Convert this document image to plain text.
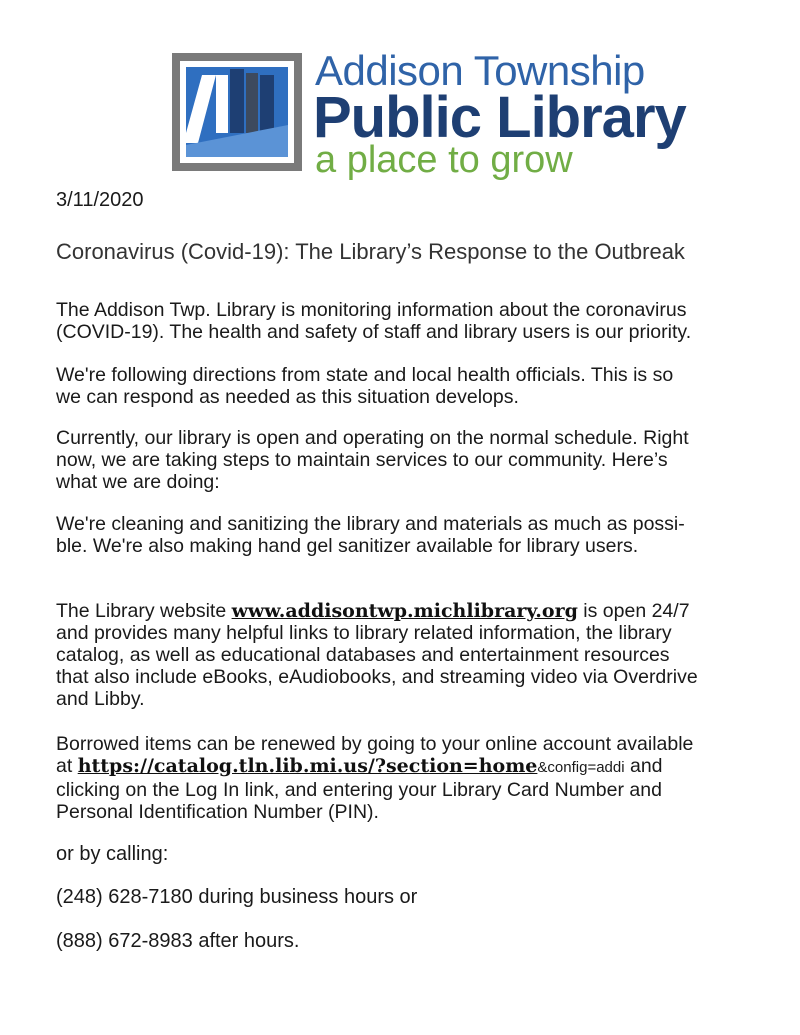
Addison Township
Public Library
a place to grow
3/11/2020
Coronavirus (Covid-19): The Library’s Response to the Outbreak
The Addison Twp. Library is monitoring information about the coronavirus
(COVID-19). The health and safety of staff and library users is our priority.
We're following directions from state and local health officials. This is so
we can respond as needed as this situation develops.
Currently, our library is open and operating on the normal schedule. Right
now, we are taking steps to maintain services to our community. Here’s
what we are doing:
We're cleaning and sanitizing the library and materials as much as possi-
ble. We're also making hand gel sanitizer available for library users.
The Library website www.addisontwp.michlibrary.org is open 24/7
and provides many helpful links to library related information, the library
catalog, as well as educational databases and entertainment resources
that also include eBooks, eAudiobooks, and streaming video via Overdrive
and Libby.
Borrowed items can be renewed by going to your online account available
at https://catalog.tln.lib.mi.us/?section=home&config=addi and
clicking on the Log In link, and entering your Library Card Number and
Personal Identification Number (PIN).
or by calling:
(248) 628-7180 during business hours or
(888) 672-8983 after hours.
